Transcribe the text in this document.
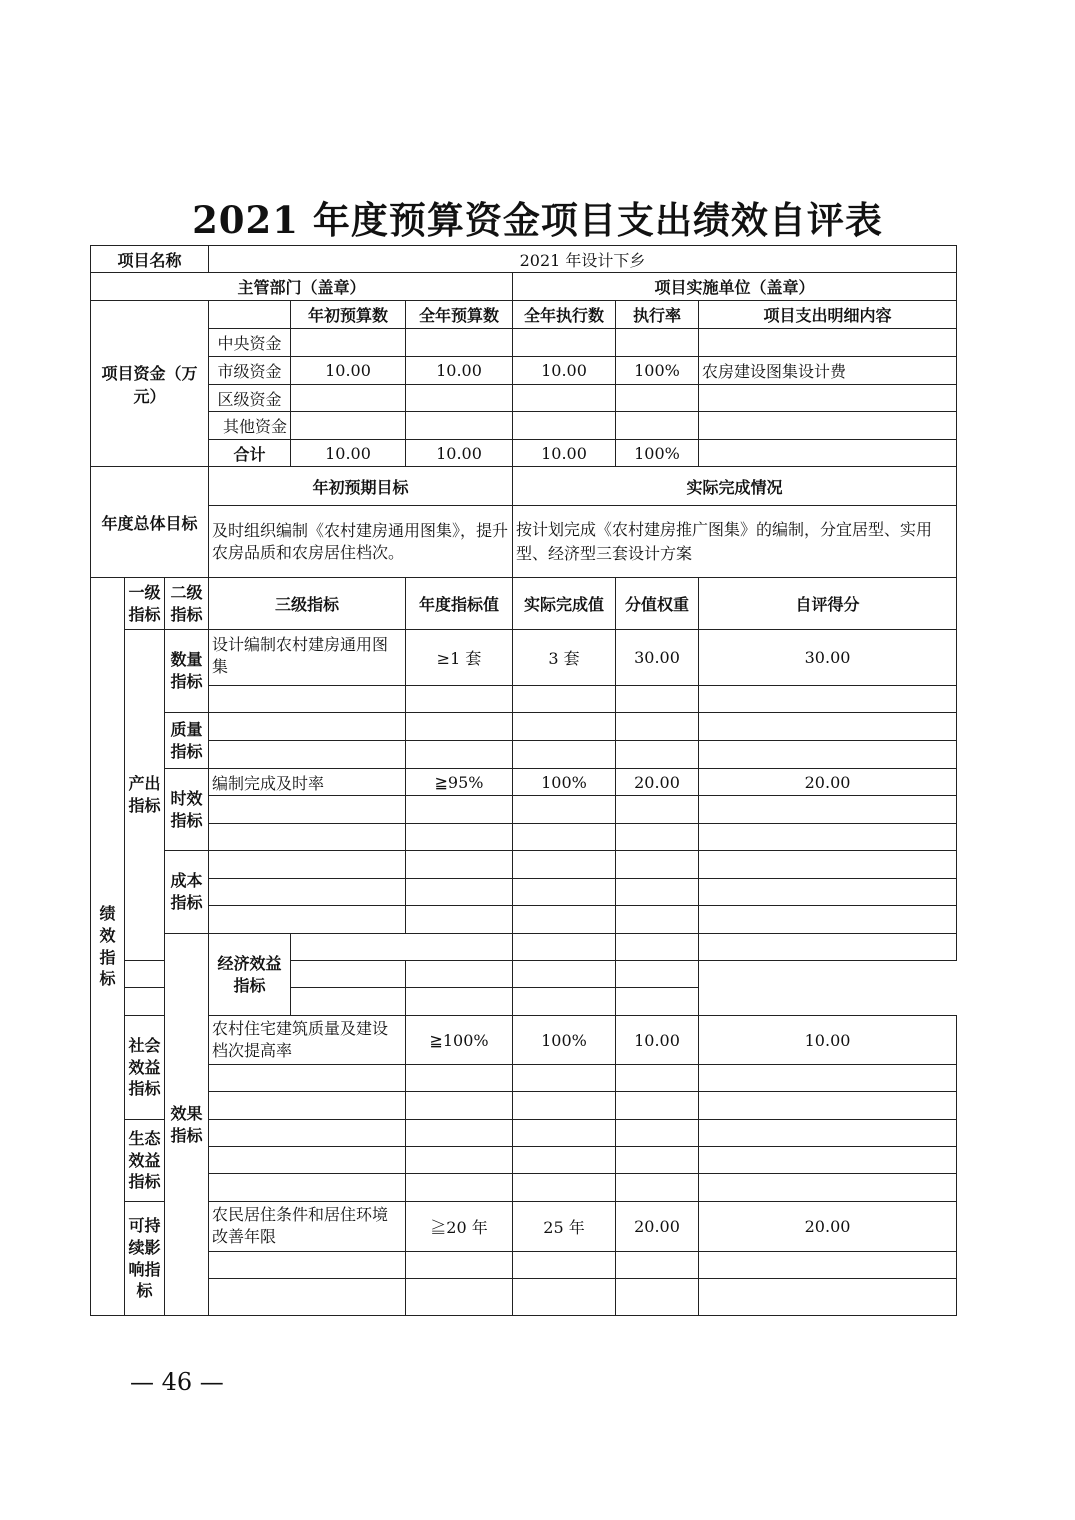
2021 年度预算资金项目支出绩效自评表
项目名称			2021 年设计下乡						
主管部门（盖章）						项目实施单位（盖章）			
项目资金（万元）				年初预算数	全年预算数	全年执行数	执行率	项目支出明细内容	
			中央资金						
			市级资金	10.00	10.00	10.00	100%	农房建设图集设计费	
			区级资金						
			其他资金						
			合计	10.00	10.00	10.00	100%		
年度总体目标			年初预期目标			实际完成情况			
			及时组织编制《农村建房通用图集》，提升农房品质和农房居住档次。			按计划完成《农村建房推广图集》的编制，分宜居型、实用型、经济型三套设计方案			
绩效指标	一级指标	二级指标	三级指标		年度指标值	实际完成值	分值权重	自评得分	
	产出指标	数量指标	设计编制农村建房通用图集		≥1 套	3 套	30.00	30.00	

		质量指标							

		时效指标	编制完成及时率		≧95%	100%	20.00	20.00	

		成本指标							

		效果指标	经济效益指标						

	社会效益指标		农村住宅建筑质量及建设档次提高率		≧100%	100%	10.00	10.00	

	生态效益指标								

	可持续影响指标		农民居住条件和居住环境改善年限		≧20 年	25 年	20.00	20.00	

— 46 —
